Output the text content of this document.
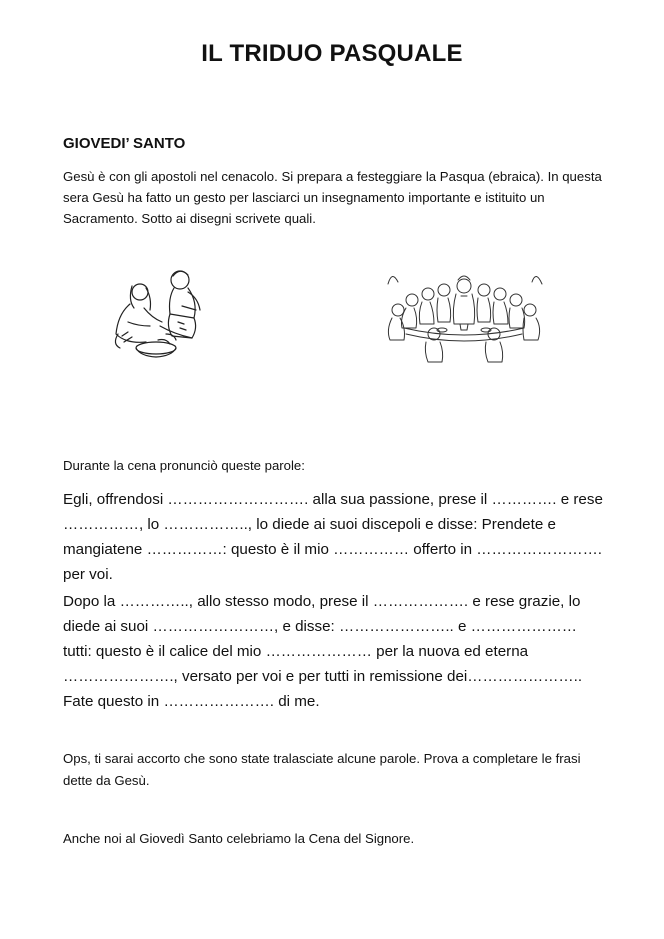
IL TRIDUO PASQUALE
GIOVEDI’ SANTO
Gesù è con gli apostoli nel cenacolo. Si prepara a festeggiare la Pasqua (ebraica). In questa sera Gesù ha fatto un gesto per lasciarci un insegnamento importante e istituito un Sacramento. Sotto ai disegni scrivete quali.
Durante la cena pronunciò queste parole:
Egli, offrendosi ………………………. alla sua passione, prese il …………. e rese ……………, lo …………….., lo diede ai suoi discepoli e disse: Prendete e mangiatene ……………: questo è il mio …………… offerto in ……………………. per voi.
Dopo la ………….., allo stesso modo, prese il ………………. e rese grazie, lo diede ai suoi ……………………, e disse: ………………….. e ………………… tutti: questo è il calice del mio ………………… per la nuova ed eterna …………………., versato per voi e per tutti in remissione dei………………….. Fate questo in …………………. di me.
Ops, ti sarai accorto che sono state tralasciate alcune parole. Prova a completare le frasi dette da Gesù.
Anche noi al Giovedì Santo celebriamo la Cena del Signore.
